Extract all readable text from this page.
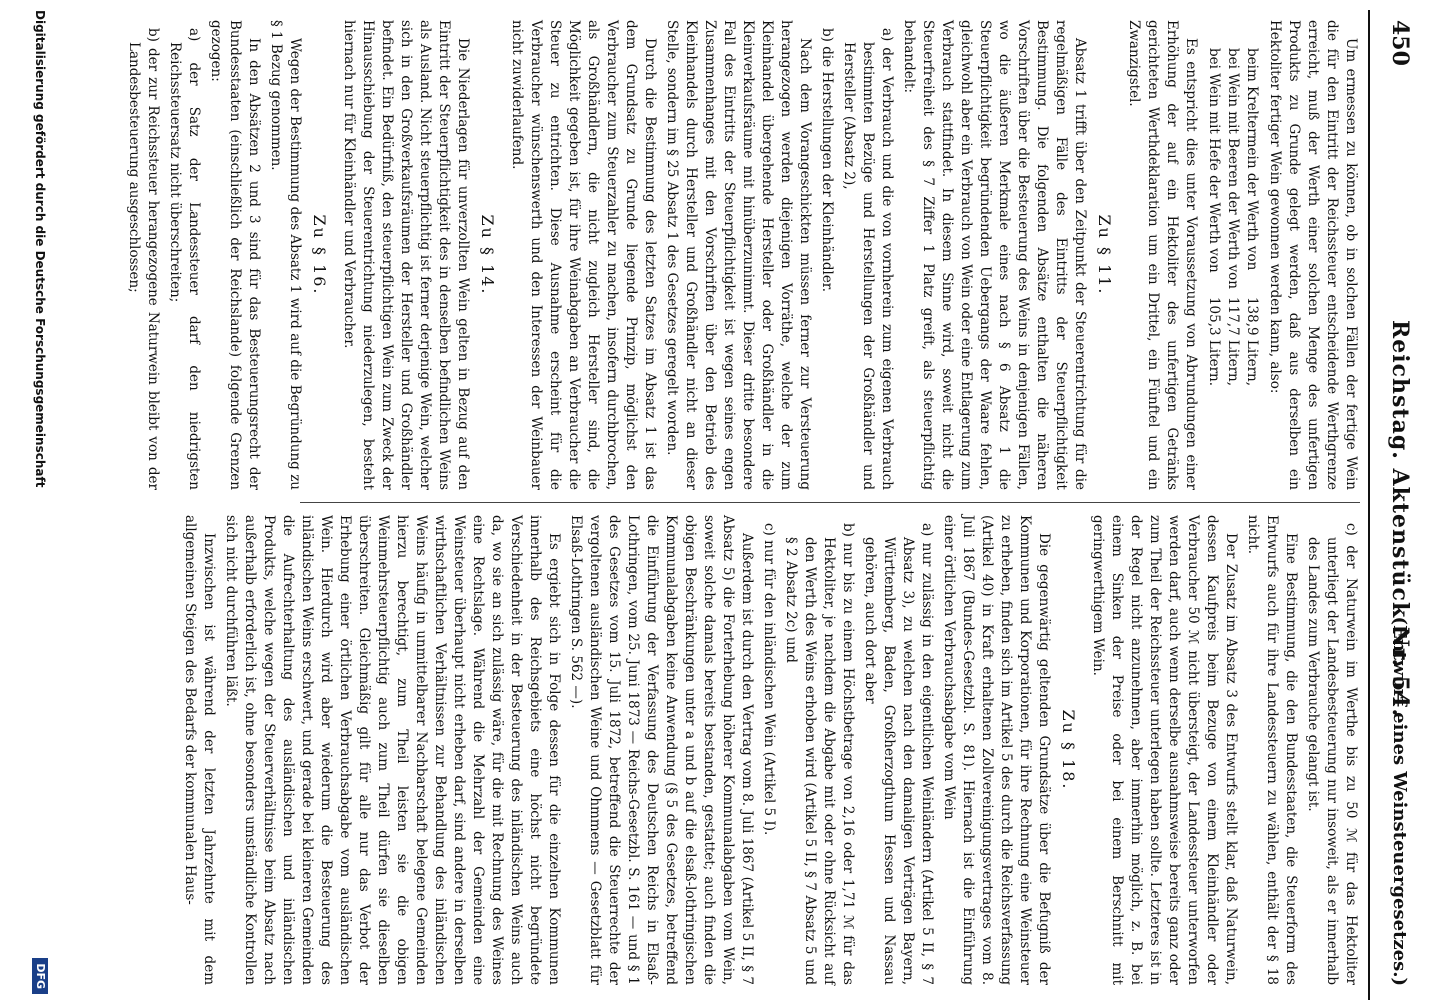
450
Reichstag. Aktenstück Nr. 54.
(Entwurf eines Weinsteuergesetzes.)

Um ermessen zu können, ob in solchen Fällen der fertige Wein die für den Eintritt der Reichssteuer entscheidende Werthgrenze erreicht, muß der Werth einer solchen Menge des unfertigen Produkts zu Grunde gelegt werden, daß aus derselben ein Hektoliter fertiger Wein gewonnen werden kann, also:

beim Kreltermein der Werth von	138,9 Litern,
bei Wein mit Beeren der Werth von	117,7 Litern,
bei Wein mit Hefe der Werth von	105,3 Litern.

Es entspricht dies unter Voraussetzung von Abrundungen einer Erhöhung der auf ein Hektoliter des unfertigen Getränks gerichteten Werthdeklaration um ein Drittel, ein Fünftel und ein Zwanzigstel.

Zu § 11.

Absatz 1 trifft über den Zeitpunkt der Steuerentrichtung für die regelmäßigen Fälle des Eintritts der Steuerpflichtigkeit Bestimmung. Die folgenden Absätze enthalten die näheren Vorschriften über die Besteuerung des Weins in denjenigen Fällen, wo die äußeren Merkmale eines nach § 6 Absatz 1 die Steuerpflichtigkeit begründenden Uebergangs der Waare fehlen, gleichwohl aber ein Verbrauch von Wein oder eine Entlagerung zum Verbrauch stattfindet. In diesem Sinne wird, soweit nicht die Steuerfreiheit des § 7 Ziffer 1 Platz greift, als steuerpflichtig behandelt:

a) der Verbrauch und die von vornherein zum eigenen Verbrauch bestimmten Bezüge und Herstellungen der Großhändler und Hersteller (Absatz 2),

b) die Herstellungen der Kleinhändler.

Nach dem Vorangeschickten müssen ferner zur Versteuerung herangezogen werden diejenigen Vorräthe, welche der zum Kleinhandel übergehende Hersteller oder Großhändler in die Kleinverkaufsräume mit hinüberzunimmt. Dieser dritte besondere Fall des Eintritts der Steuerpflichtigkeit ist wegen seines engen Zusammenhanges mit den Vorschriften über den Betrieb des Kleinhandels durch Hersteller und Großhändler nicht an dieser Stelle, sondern im § 25 Absatz 1 des Gesetzes geregelt worden.

Durch die Bestimmung des letzten Satzes im Absatz 1 ist das dem Grundsatz zu Grunde liegende Prinzip, möglichst den Verbraucher zum Steuerzahler zu machen, insofern durchbrochen, als Großhändlern, die nicht zugleich Hersteller sind, die Möglichkeit gegeben ist, für ihre Weinabgaben an Verbraucher die Steuer zu entrichten. Diese Ausnahme erscheint für die Verbraucher wünschenswerth und den Interessen der Weinbauer nicht zuwiderlaufend.

Zu § 14.

Die Niederlagen für unverzollten Wein gelten in Bezug auf den Eintritt der Steuerpflichtigkeit des in denselben befindlichen Weins als Ausland. Nicht steuerpflichtig ist ferner derjenige Wein, welcher sich in den Großverkaufsräumen der Hersteller und Großhändler befindet. Ein Bedürfniß, den steuerpflichtigen Wein zum Zweck der Hinausschiebung der Steuerentrichtung niederzulegen, besteht hiernach nur für Kleinhändler und Verbraucher.

Zu § 16.

Wegen der Bestimmung des Absatz 1 wird auf die Begründung zu § 1 Bezug genommen.

In den Absätzen 2 und 3 sind für das Besteuerungsrecht der Bundesstaaten (einschließlich der Reichslande) folgende Grenzen gezogen:

a) der Satz der Landessteuer darf den niedrigsten Reichssteuersatz nicht überschreiten;

b) der zur Reichssteuer herangezogene Naturwein bleibt von der Landesbesteuerung ausgeschlossen;

c) der Naturwein im Werthe bis zu 50 ℳ für das Hektoliter unterliegt der Landesbesteuerung nur insoweit, als er innerhalb des Landes zum Verbrauche gelangt ist.

Eine Bestimmung, die den Bundesstaaten, die Steuerform des Entwurfs auch für ihre Landessteuern zu wählen, enthält der § 18 nicht.

Der Zusatz im Absatz 3 des Entwurfs stellt klar, daß Naturwein, dessen Kaufpreis beim Bezuge von einem Kleinhändler oder Verbraucher 50 ℳ nicht übersteigt, der Landessteuer unterworfen werden darf, auch wenn derselbe ausnahmsweise bereits ganz oder zum Theil der Reichssteuer unterlegen haben sollte. Letzteres ist in der Regel nicht anzunehmen, aber immerhin möglich, z. B. bei einem Sinken der Preise oder bei einem Berschnitt mit geringwerthigem Wein.

Zu § 18.

Die gegenwärtig geltenden Grundsätze über die Befugniß der Kommunen und Korporationen, für ihre Rechnung eine Weinsteuer zu erheben, finden sich im Artikel 5 des durch die Reichsverfassung (Artikel 40) in Kraft erhaltenen Zollvereinigungsvertrages vom 8. Juli 1867 (Bundes-Gesetzbl. S. 81). Hiernach ist die Einführung einer örtlichen Verbrauchsabgabe vom Wein

a) nur zulässig in den eigentlichen Weinländern (Artikel 5 II, § 7 Absatz 3), zu welchen nach den damaligen Verträgen Bayern, Württemberg, Baden, Großherzogthum Hessen und Nassau gehören, auch dort aber

b) nur bis zu einem Höchstbetrage von 2,16 oder 1,71 ℳ für das Hektoliter, je nachdem die Abgabe mit oder ohne Rücksicht auf den Werth des Weins erhoben wird (Artikel 5 II, § 7 Absatz 5 und § 2 Absatz 2c) und

c) nur für den inländischen Wein (Artikel 5 I).

Außerdem ist durch den Vertrag vom 8. Juli 1867 (Artikel 5 II, § 7 Absatz 5) die Forterhebung höherer Kommunalabgaben vom Wein, soweit solche damals bereits bestanden, gestattet; auch finden die obigen Beschränkungen unter a und b auf die elsaß-lothringischen Kommunalabgaben keine Anwendung (§ 5 des Gesetzes, betreffend die Einführung der Verfassung des Deutschen Reichs in Elsaß-Lothringen, vom 25. Juni 1873 — Reichs-Gesetzbl. S. 161 — und § 1 des Gesetzes vom 15. Juli 1872, betreffend die Steuerrechte der vergoltenen ausländischen Weine und Ohmmens — Gesetzblatt für Elsaß-Lothringen S. 562 —).

Es ergiebt sich in Folge dessen für die einzelnen Kommunen innerhalb des Reichsgebiets eine höchst nicht begründete Verschiedenheit in der Besteuerung des inländischen Weins auch da, wo sie an sich zulässig wäre, für die mit Rechnung des Weines eine Rechtslage. Während die Mehrzahl der Gemeinden eine Weinsteuer überhaupt nicht erheben darf, sind andere in derselben wirthschaftlichen Verhältnissen zur Behandlung des inländischen Weins häufig in unmittelbarer Nachbarschaft belegene Gemeinden hierzu berechtigt, zum Theil leisten sie die obigen Weinmehrsteuerpflichtig auch zum Theil dürfen sie dieselben überschreiten. Gleichmäßig gilt für alle nur das Verbot der Erhebung einer örtlichen Verbrauchsabgabe vom ausländischen Wein. Hierdurch wird aber wiederum die Besteuerung des inländischen Weins erschwert, und gerade bei kleineren Gemeinden die Aufrechterhaltung des ausländischen und inländischen Produkts, welche wegen der Steuerverhältnisse beim Absatz nach außerhalb erforderlich ist, ohne besonders umständliche Kontrollen sich nicht durchführen läßt.

Inzwischen ist während der letzten Jahrzehnte mit dem allgemeinen Steigen des Bedarfs der kommunalen Haus-

Digitalisierung gefördert durch die Deutsche Forschungsgemeinschaft
DFG
